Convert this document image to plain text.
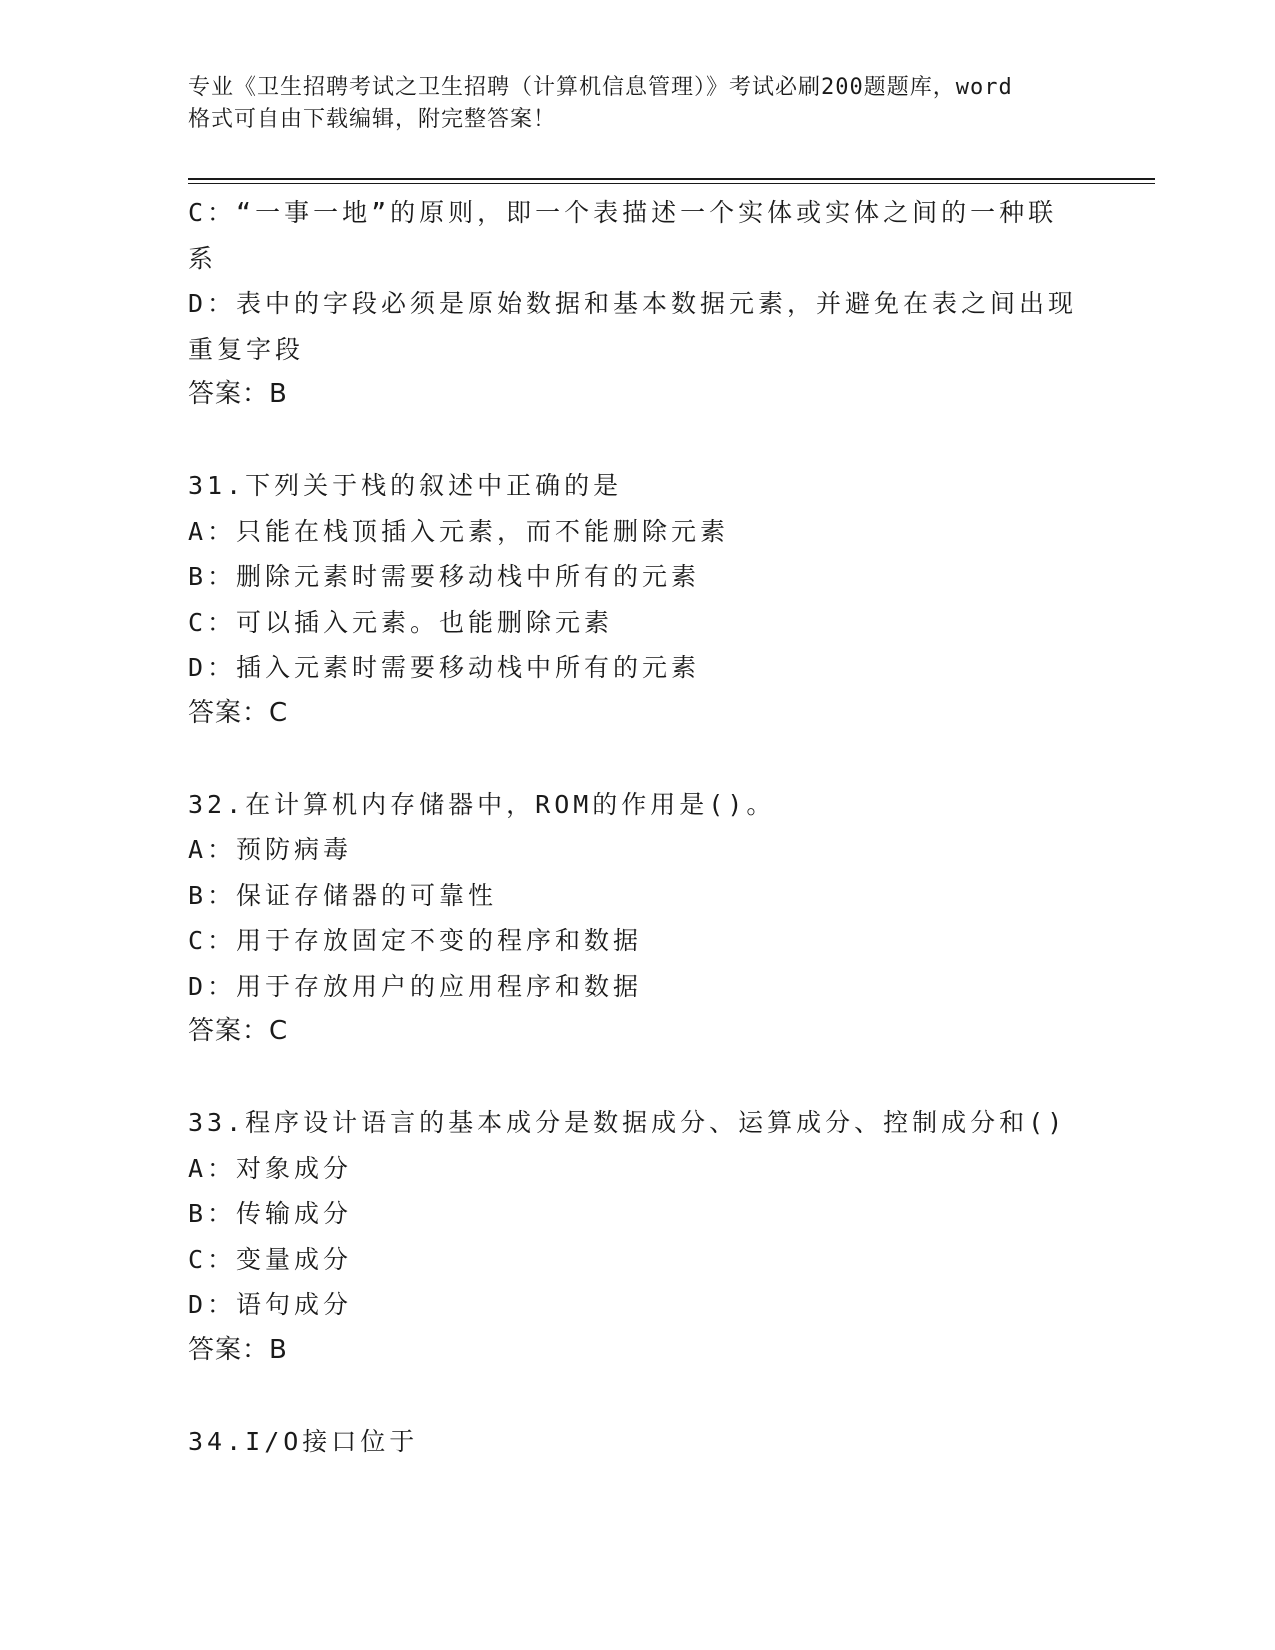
专业《卫生招聘考试之卫生招聘（计算机信息管理）》考试必刷200题题库，word
格式可自由下载编辑，附完整答案！
C：“一事一地”的原则，即一个表描述一个实体或实体之间的一种联
系
D：表中的字段必须是原始数据和基本数据元素，并避免在表之间出现
重复字段
答案：B
31.下列关于栈的叙述中正确的是
A：只能在栈顶插入元素，而不能删除元素
B：删除元素时需要移动栈中所有的元素
C：可以插入元素。也能删除元素
D：插入元素时需要移动栈中所有的元素
答案：C
32.在计算机内存储器中，ROM的作用是()。
A：预防病毒
B：保证存储器的可靠性
C：用于存放固定不变的程序和数据
D：用于存放用户的应用程序和数据
答案：C
33.程序设计语言的基本成分是数据成分、运算成分、控制成分和()
A：对象成分
B：传输成分
C：变量成分
D：语句成分
答案：B
34.I/O接口位于
